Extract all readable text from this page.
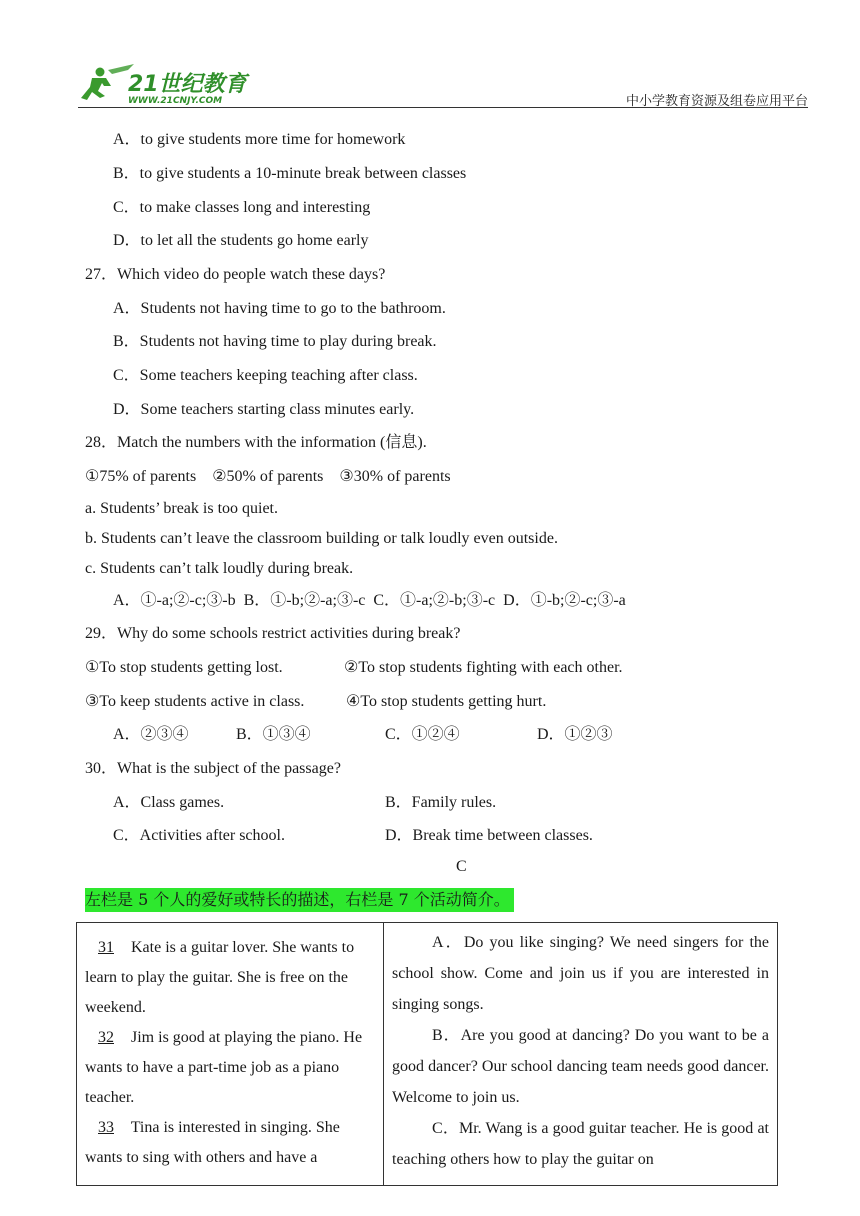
21世纪教育
WWW.21CNJY.COM	中小学教育资源及组卷应用平台
A．to give students more time for homework
B．to give students a 10-minute break between classes
C．to make classes long and interesting
D．to let all the students go home early
27．Which video do people watch these days?
A．Students not having time to go to the bathroom.
B．Students not having time to play during break.
C．Some teachers keeping teaching after class.
D．Some teachers starting class minutes early.
28．Match the numbers with the information (信息).
①75% of parents    ②50% of parents    ③30% of parents
a. Students’ break is too quiet.
b. Students can’t leave the classroom building or talk loudly even outside.
c. Students can’t talk loudly during break.
A．①-a;②-c;③-b  B．①-b;②-a;③-c  C．①-a;②-b;③-c  D．①-b;②-c;③-a
29．Why do some schools restrict activities during break?
①To stop students getting lost.	②To stop students fighting with each other.
③To keep students active in class.	④To stop students getting hurt.
A．②③④	B．①③④	C．①②④	D．①②③
30．What is the subject of the passage?
A．Class games.	B．Family rules.
C．Activities after school.	D．Break time between classes.
C
左栏是 5 个人的爱好或特长的描述，右栏是 7 个活动简介。

31 Kate is a guitar lover. She wants to learn to play the guitar. She is free on the weekend.

32 Jim is good at playing the piano. He wants to have a part-time job as a piano teacher.

33 Tina is interested in singing. She wants to sing with others and have a

A．Do you like singing? We need singers for the school show. Come and join us if you are interested in singing songs.

B．Are you good at dancing? Do you want to be a good dancer? Our school dancing team needs good dancer. Welcome to join us.

C．Mr. Wang is a good guitar teacher. He is good at teaching others how to play the guitar on
